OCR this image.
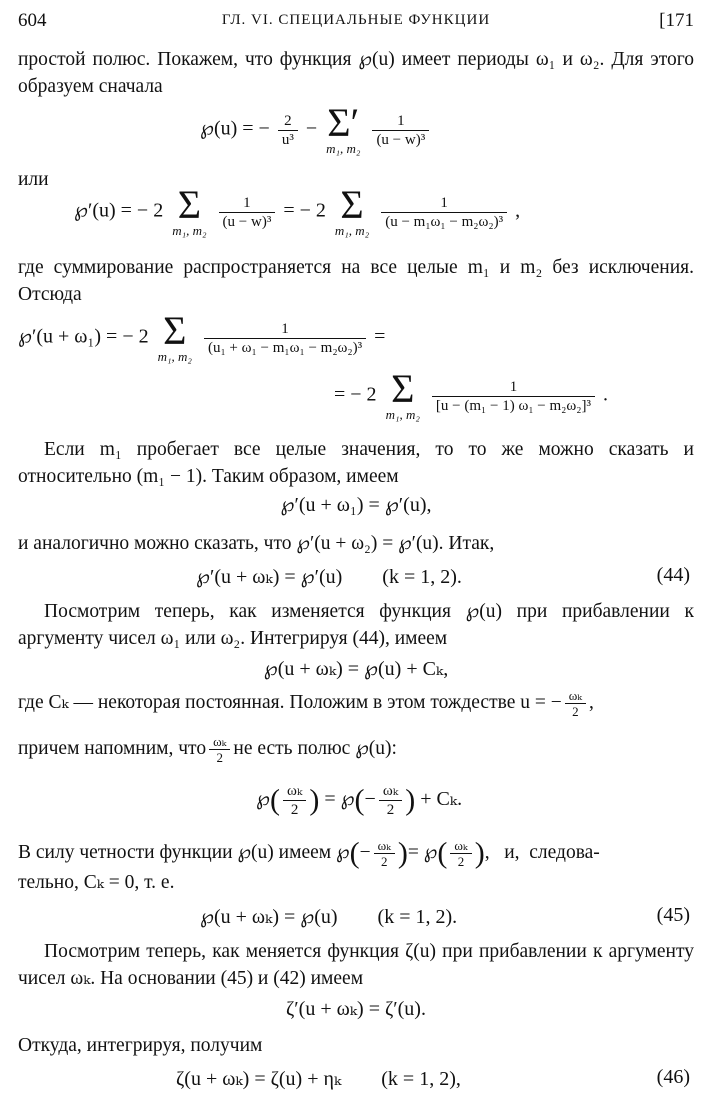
604	ГЛ. VI. СПЕЦИАЛЬНЫЕ ФУНКЦИИ	[171

простой полюс. Покажем, что функция ℘(u) имеет периоды ω₁ и ω₂. Для этого образуем сначала

℘(u) = − $\frac{2}{\text{u³}} - \Sigma'$
m₁, m₂
$\frac{1}{\text{(u − w)³}}$

или

℘′(u) = − 2 Σ
m₁, m₂
$\frac{1}{\text{(u − w)³}}$ = − 2 Σ
m₁, m₂
$\frac{1}{\text{(u − m₁ω₁ − m₂ω₂)³}}$ ,

где суммирование распространяется на все целые m₁ и m₂ без исключения. Отсюда

℘′(u + ω₁) = − 2 Σ
m₁, m₂
$\frac{1}{\text{(u₁ + ω₁ − m₁ω₁ − m₂ω₂)³}}$ =
= − 2 Σ
m₁, m₂
$\frac{1}{\text{[u − (m₁ − 1) ω₁ − m₂ω₂]³}}$ .

Если m₁ пробегает все целые значения, то то же можно сказать и относительно (m₁ − 1). Таким образом, имеем

℘′(u + ω₁) = ℘′(u),

и аналогично можно сказать, что ℘′(u + ω₂) = ℘′(u). Итак,

℘′(u + ωₖ) = ℘′(u)        (k = 1, 2).	(44)

Посмотрим теперь, как изменяется функция ℘(u) при прибавлении к аргументу чисел ω₁ или ω₂. Интегрируя (44), имеем

℘(u + ωₖ) = ℘(u) + Cₖ,

где Cₖ — некоторая постоянная. Положим в этом тождестве u = − $\frac{\text{ωₖ}}{2}$ ,

причем напомним, что $\frac{\text{ωₖ}}{2}$ не есть полюс ℘(u):

℘( $\frac{\text{ωₖ}}{2}$ ) = ℘(− $\frac{\text{ωₖ}}{2}$ ) + Cₖ.

В силу четности функции ℘(u) имеем ℘(− $\frac{\text{ωₖ}}{2}$ )= ℘( $\frac{\text{ωₖ}}{2}$ ),   и,  следова-

тельно, Cₖ = 0, т. е.

℘(u + ωₖ) = ℘(u)        (k = 1, 2).	(45)

Посмотрим теперь, как меняется функция ζ(u) при прибавлении к аргументу чисел ωₖ. На основании (45) и (42) имеем

ζ′(u + ωₖ) = ζ′(u).

Откуда, интегрируя, получим

ζ(u + ωₖ) = ζ(u) + ηₖ        (k = 1, 2),	(46)
